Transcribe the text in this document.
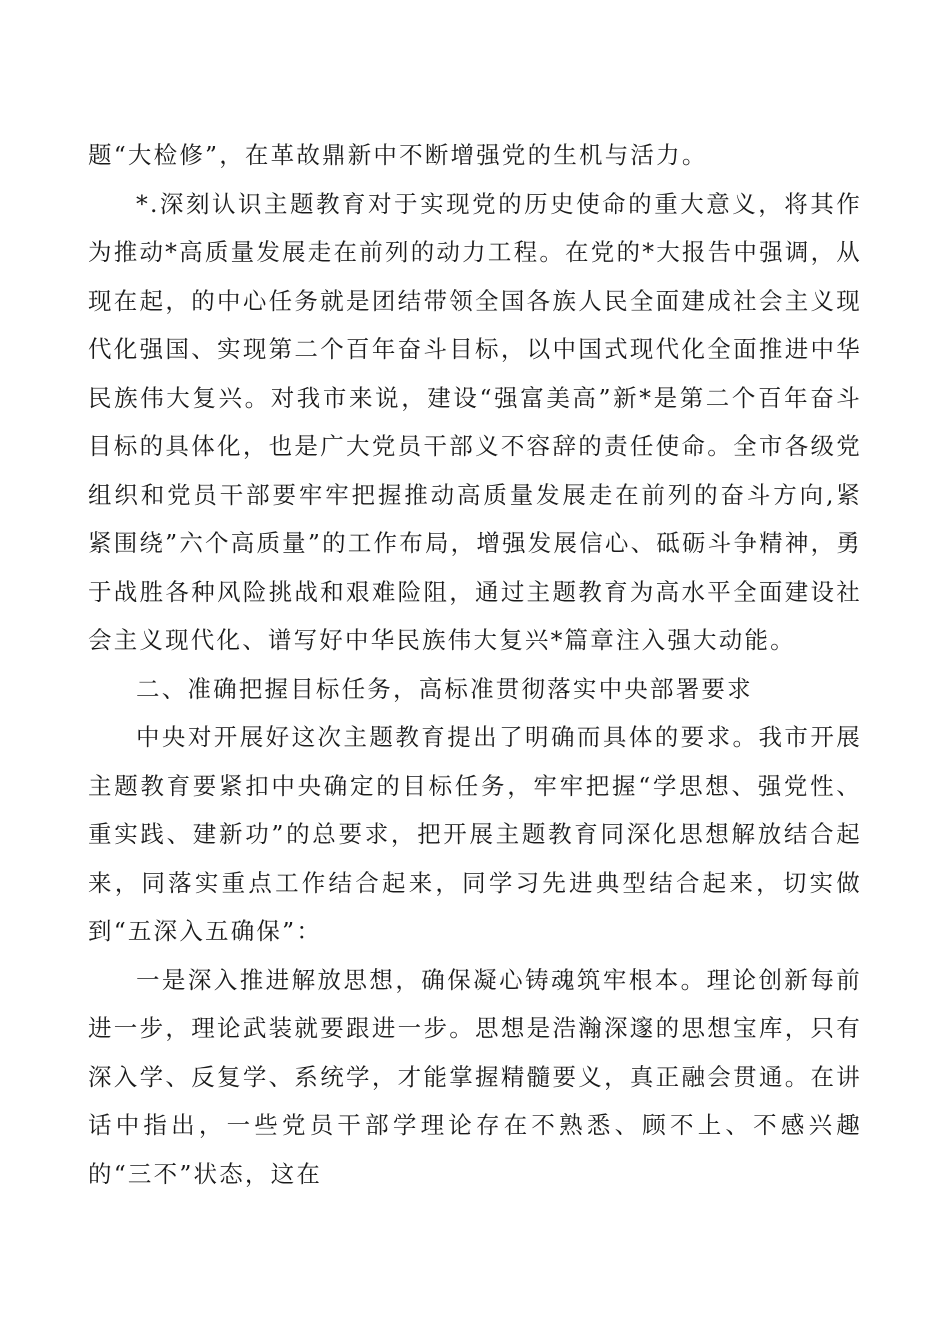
题“大检修”，在革故鼎新中不断增强党的生机与活力。

*.深刻认识主题教育对于实现党的历史使命的重大意义，将其作为推动*高质量发展走在前列的动力工程。在党的*大报告中强调，从现在起，的中心任务就是团结带领全国各族人民全面建成社会主义现代化强国、实现第二个百年奋斗目标，以中国式现代化全面推进中华民族伟大复兴。对我市来说，建设“强富美高”新*是第二个百年奋斗目标的具体化，也是广大党员干部义不容辞的责任使命。全市各级党组织和党员干部要牢牢把握推动高质量发展走在前列的奋斗方向,紧紧围绕”六个高质量”的工作布局，增强发展信心、砥砺斗争精神，勇于战胜各种风险挑战和艰难险阻，通过主题教育为高水平全面建设社会主义现代化、谱写好中华民族伟大复兴*篇章注入强大动能。

二、准确把握目标任务，高标准贯彻落实中央部署要求

中央对开展好这次主题教育提出了明确而具体的要求。我市开展主题教育要紧扣中央确定的目标任务，牢牢把握“学思想、强党性、重实践、建新功”的总要求，把开展主题教育同深化思想解放结合起来，同落实重点工作结合起来，同学习先进典型结合起来，切实做到“五深入五确保”：

一是深入推进解放思想，确保凝心铸魂筑牢根本。理论创新每前进一步，理论武装就要跟进一步。思想是浩瀚深邃的思想宝库，只有深入学、反复学、系统学，才能掌握精髓要义，真正融会贯通。在讲话中指出，一些党员干部学理论存在不熟悉、顾不上、不感兴趣的“三不”状态，这在
